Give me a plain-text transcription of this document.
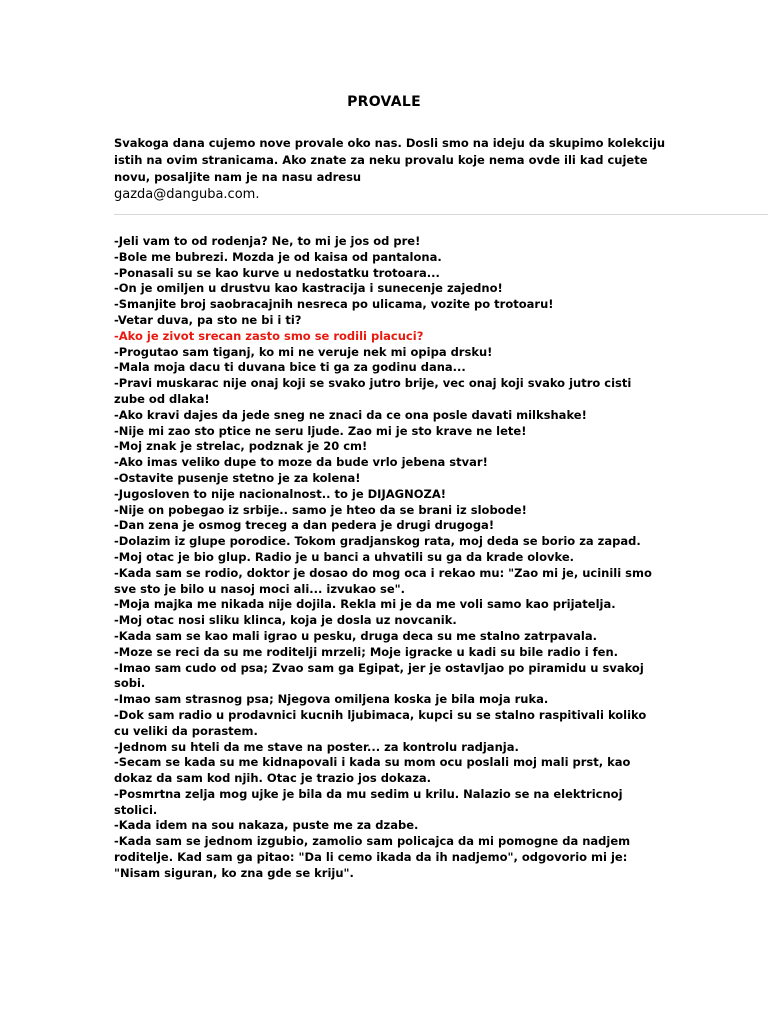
PROVALE
Svakoga dana cujemo nove provale oko nas. Dosli smo na ideju da skupimo kolekciju istih na ovim stranicama. Ako znate za neku provalu koje nema ovde ili kad cujete novu, posaljite nam je na nasu adresu
gazda@danguba.com.
-Jeli vam to od rodenja? Ne, to mi je jos od pre!
-Bole me bubrezi. Mozda je od kaisa od pantalona.
-Ponasali su se kao kurve u nedostatku trotoara...
-On je omiljen u drustvu kao kastracija i sunecenje zajedno!
-Smanjite broj saobracajnih nesreca po ulicama, vozite po trotoaru!
-Vetar duva, pa sto ne bi i ti?
-Ako je zivot srecan zasto smo se rodili placuci?
-Progutao sam tiganj, ko mi ne veruje nek mi opipa drsku!
-Mala moja dacu ti duvana bice ti ga za godinu dana...
-Pravi muskarac nije onaj koji se svako jutro brije, vec onaj koji svako jutro cisti zube od dlaka!
-Ako kravi dajes da jede sneg ne znaci da ce ona posle davati milkshake!
-Nije mi zao sto ptice ne seru ljude. Zao mi je sto krave ne lete!
-Moj znak je strelac, podznak je 20 cm!
-Ako imas veliko dupe to moze da bude vrlo jebena stvar!
-Ostavite pusenje stetno je za kolena!
-Jugosloven to nije nacionalnost.. to je DIJAGNOZA!
-Nije on pobegao iz srbije.. samo je hteo da se brani iz slobode!
-Dan zena je osmog treceg a dan pedera je drugi drugoga!
-Dolazim iz glupe porodice. Tokom gradjanskog rata, moj deda se borio za zapad.
-Moj otac je bio glup. Radio je u banci a uhvatili su ga da krade olovke.
-Kada sam se rodio, doktor je dosao do mog oca i rekao mu: "Zao mi je, ucinili smo sve sto je bilo u nasoj moci ali... izvukao se".
-Moja majka me nikada nije dojila. Rekla mi je da me voli samo kao prijatelja.
-Moj otac nosi sliku klinca, koja je dosla uz novcanik.
-Kada sam se kao mali igrao u pesku, druga deca su me stalno zatrpavala.
-Moze se reci da su me roditelji mrzeli; Moje igracke u kadi su bile radio i fen.
-Imao sam cudo od psa; Zvao sam ga Egipat, jer je ostavljao po piramidu u svakoj sobi.
-Imao sam strasnog psa; Njegova omiljena koska je bila moja ruka.
-Dok sam radio u prodavnici kucnih ljubimaca, kupci su se stalno raspitivali koliko cu veliki da porastem.
-Jednom su hteli da me stave na poster... za kontrolu radjanja.
-Secam se kada su me kidnapovali i kada su mom ocu poslali moj mali prst, kao dokaz da sam kod njih. Otac je trazio jos dokaza.
-Posmrtna zelja mog ujke je bila da mu sedim u krilu. Nalazio se na elektricnoj stolici.
-Kada idem na sou nakaza, puste me za dzabe.
-Kada sam se jednom izgubio, zamolio sam policajca da mi pomogne da nadjem roditelje. Kad sam ga pitao: "Da li cemo ikada da ih nadjemo", odgovorio mi je: "Nisam siguran, ko zna gde se kriju".
